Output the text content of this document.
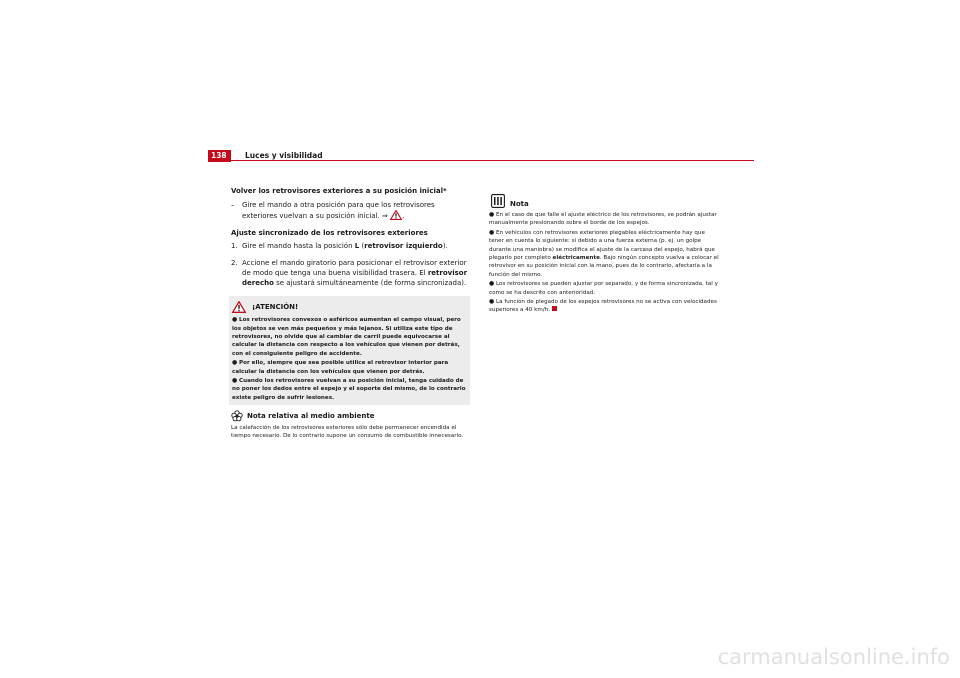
138	Luces y visibilidad
Volver los retrovisores exteriores a su posición inicial*
–	Gire el mando a otra posición para que los retrovisores exteriores vuelvan a su posición inicial. ⇒ .
Ajuste sincronizado de los retrovisores exteriores
1. Gire el mando hasta la posición L (retrovisor izquierdo).
2. Accione el mando giratorio para posicionar el retrovisor exterior de modo que tenga una buena visibilidad trasera. El retrovisor derecho se ajustará simultáneamente (de forma sincronizada).
¡ATENCIÓN!
● Los retrovisores convexos o asféricos aumentan el campo visual, pero los objetos se ven más pequeños y más lejanos. Si utiliza este tipo de retrovisores, no olvide que al cambiar de carril puede equivocarse al calcular la distancia con respecto a los vehículos que vienen por detrás, con el consiguiente peligro de accidente.
● Por ello, siempre que sea posible utilice el retrovisor interior para calcular la distancia con los vehículos que vienen por detrás.
● Cuando los retrovisores vuelvan a su posición inicial, tenga cuidado de no poner los dedos entre el espejo y el soporte del mismo, de lo contrario existe peligro de sufrir lesiones.
Nota relativa al medio ambiente
La calefacción de los retrovisores exteriores sólo debe permanecer encendida el tiempo necesario. De lo contrario supone un consumo de combustible innecesario.
Nota
● En el caso de que falle el ajuste eléctrico de los retrovisores, se podrán ajustar manualmente presionando sobre el borde de los espejos.
● En vehículos con retrovisores exteriores plegables eléctricamente hay que tener en cuenta lo siguiente: si debido a una fuerza externa (p. ej. un golpe durante una maniobra) se modifica el ajuste de la carcasa del espejo, habrá que plegarlo por completo eléctricamente. Bajo ningún concepto vuelva a colocar el retrovisor en su posición inicial con la mano, pues de lo contrario, afectaría a la función del mismo.
● Los retrovisores se pueden ajustar por separado, y de forma sincronizada, tal y como se ha descrito con anterioridad.
● La función de plegado de los espejos retrovisores no se activa con velocidades superiores a 40 km/h.
carmanualsonline.info
